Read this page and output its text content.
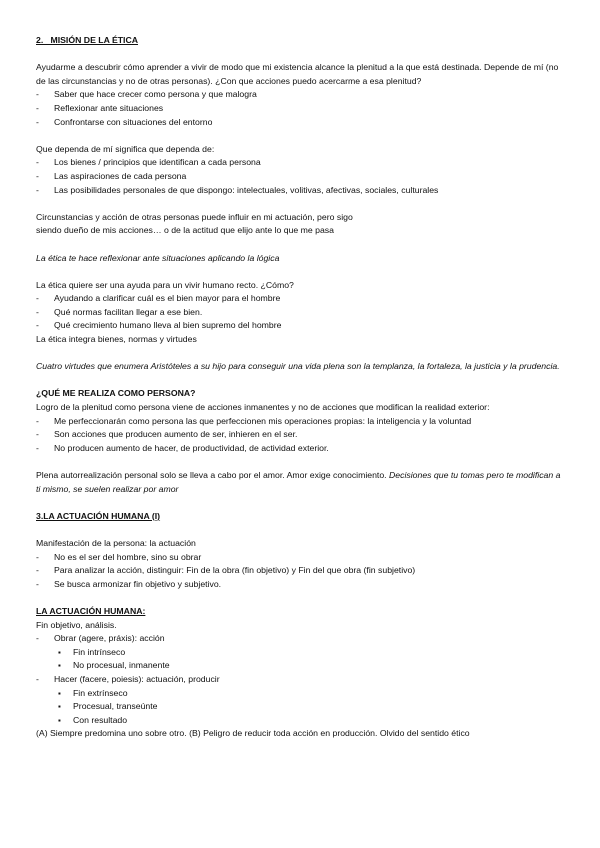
2.   MISIÓN DE LA ÉTICA
Ayudarme a descubrir cómo aprender a vivir de modo que mi existencia alcance la plenitud a la que está destinada. Depende de mí (no de las circunstancias y no de otras personas). ¿Con que acciones puedo acercarme a esa plenitud?
- Saber que hace crecer como persona y que malogra
- Reflexionar ante situaciones
- Confrontarse con situaciones del entorno
Que dependa de mí significa que dependa de:
- Los bienes / principios que identifican a cada persona
- Las aspiraciones de cada persona
- Las posibilidades personales de que dispongo: intelectuales, volitivas, afectivas, sociales, culturales
Circunstancias y acción de otras personas puede influir en mi actuación, pero sigo
siendo dueño de mis acciones… o de la actitud que elijo ante lo que me pasa
La ética te hace reflexionar ante situaciones aplicando la lógica
La ética quiere ser una ayuda para un vivir humano recto. ¿Cómo?
- Ayudando a clarificar cuál es el bien mayor para el hombre
- Qué normas facilitan llegar a ese bien.
- Qué crecimiento humano lleva al bien supremo del hombre
La ética integra bienes, normas y virtudes
Cuatro virtudes que enumera Aristóteles a su hijo para conseguir una vida plena son la templanza, la fortaleza, la justicia y la prudencia.
¿QUÉ ME REALIZA COMO PERSONA?
Logro de la plenitud como persona viene de acciones inmanentes y no de acciones que modifican la realidad exterior:
- Me perfeccionarán como persona las que perfeccionen mis operaciones propias: la inteligencia y la voluntad
- Son acciones que producen aumento de ser, inhieren en el ser.
- No producen aumento de hacer, de productividad, de actividad exterior.
Plena autorrealización personal solo se lleva a cabo por el amor. Amor exige conocimiento. Decisiones que tu tomas pero te modifican a ti mismo, se suelen realizar por amor
3.LA ACTUACIÓN HUMANA (I)
Manifestación de la persona: la actuación
- No es el ser del hombre, sino su obrar
- Para analizar la acción, distinguir: Fin de la obra (fin objetivo) y Fin del que obra (fin subjetivo)
- Se busca armonizar fin objetivo y subjetivo.
LA ACTUACIÓN HUMANA:
Fin objetivo, análisis.
- Obrar (agere, práxis): acción
▪ Fin intrínseco
▪ No procesual, inmanente
- Hacer (facere, poiesis): actuación, producir
▪ Fin extrínseco
▪ Procesual, transeúnte
▪ Con resultado
(A) Siempre predomina uno sobre otro. (B) Peligro de reducir toda acción en producción. Olvido del sentido ético
